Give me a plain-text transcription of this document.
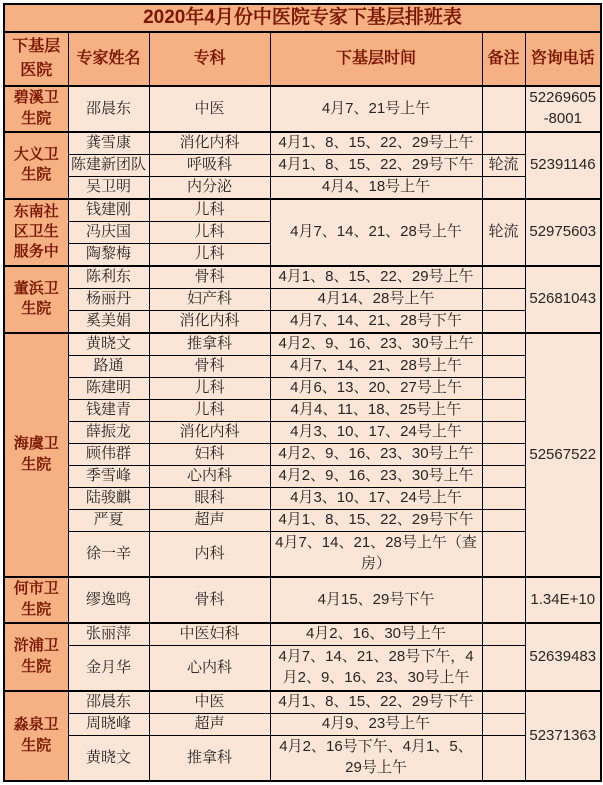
2020年4月份中医院专家下基层排班表					
下基层医院	专家姓名	专科	下基层时间	备注	咨询电话
碧溪卫生院	邵晨东	中医	4月7、21号上午		52269605-8001
大义卫生院	龚雪康	消化内科	4月1、8、15、22、29号上午		52391146
	陈建新团队	呼吸科	4月1、8、15、22、29号下午	轮流	
	吴卫明	内分泌	4月4、18号上午		
东南社区卫生服务中	钱建刚	儿科	4月7、14、21、28号上午	轮流	52975603
	冯庆国	儿科			
	陶黎梅	儿科			
董浜卫生院	陈利东	骨科	4月1、8、15、22、29号上午		52681043
	杨丽丹	妇产科	4月14、28号上午		
	奚美娟	消化内科	4月7、14、21、28号下午		
海虞卫生院	黄晓文	推拿科	4月2、9、16、23、30号上午		52567522
	路通	骨科	4月7、14、21、28号上午		
	陈建明	儿科	4月6、13、20、27号上午		
	钱建青	儿科	4月4、11、18、25号上午		
	薛振龙	消化内科	4月3、10、17、24号上午		
	顾伟群	妇科	4月2、9、16、23、30号上午		
	季雪峰	心内科	4月2、9、16、23、30号上午		
	陆骏麒	眼科	4月3、10、17、24号上午		
	严夏	超声	4月1、8、15、22、29号下午		
	徐一辛	内科	4月7、14、21、28号上午（查房）		
何市卫生院	缪逸鸣	骨科	4月15、29号下午		1.34E+10
浒浦卫生院	张丽萍	中医妇科	4月2、16、30号上午		52639483
	金月华	心内科	4月7、14、21、28号下午，4月2、9、16、23、30号上午		
淼泉卫生院	邵晨东	中医	4月1、8、15、22、29号下午		52371363
	周晓峰	超声	4月9、23号上午		
	黄晓文	推拿科	4月2、16号下午、4月1、5、29号上午		
